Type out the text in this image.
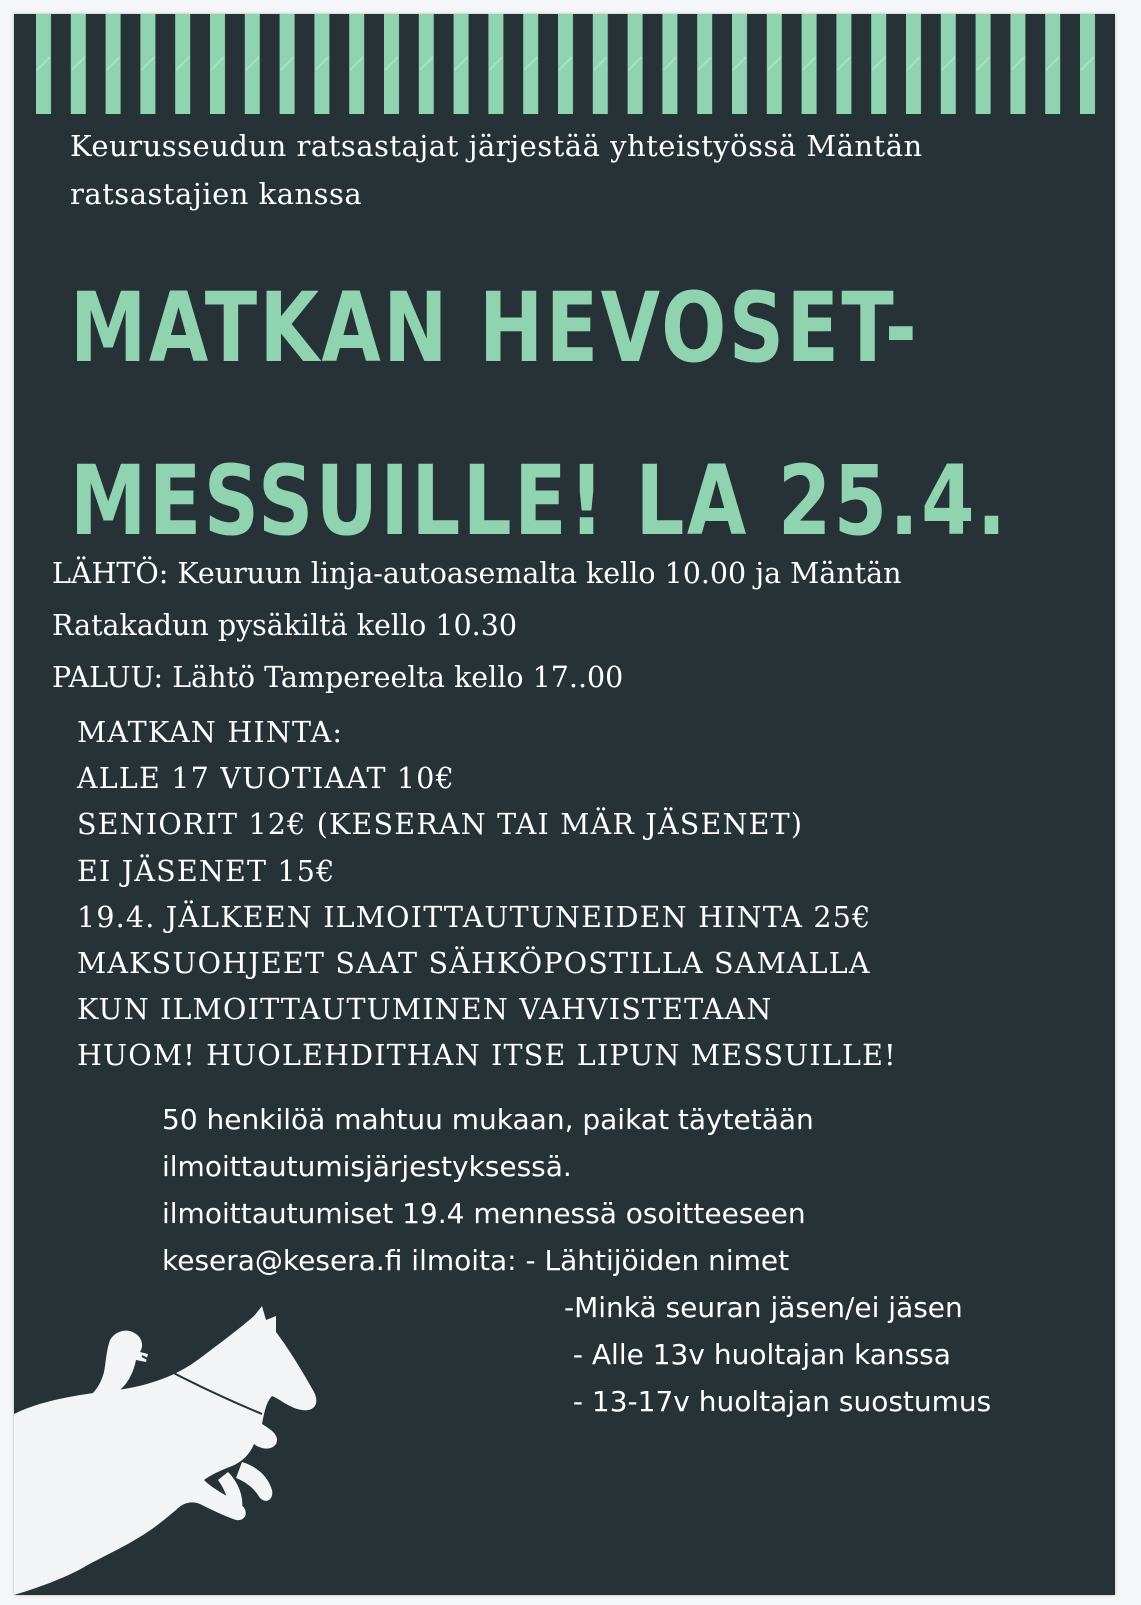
Keurusseudun ratsastajat järjestää yhteistyössä Mäntän
ratsastajien kanssa
MATKAN HEVOSET-
MESSUILLE! LA 25.4.
LÄHTÖ: Keuruun linja-autoasemalta kello 10.00 ja Mäntän
Ratakadun pysäkiltä kello 10.30
PALUU: Lähtö Tampereelta kello 17..00
MATKAN HINTA:
ALLE 17 VUOTIAAT 10€
SENIORIT 12€ (KESERAN TAI MÄR JÄSENET)
EI JÄSENET 15€
19.4. JÄLKEEN ILMOITTAUTUNEIDEN HINTA 25€
MAKSUOHJEET SAAT SÄHKÖPOSTILLA SAMALLA
KUN ILMOITTAUTUMINEN VAHVISTETAAN
HUOM! HUOLEHDITHAN ITSE LIPUN MESSUILLE!
50 henkilöä mahtuu mukaan, paikat täytetään
ilmoittautumisjärjestyksessä.
ilmoittautumiset 19.4 mennessä osoitteeseen
kesera@kesera.fi ilmoita: - Lähtijöiden nimet
-Minkä seuran jäsen/ei jäsen
- Alle 13v huoltajan kanssa
- 13-17v huoltajan suostumus
